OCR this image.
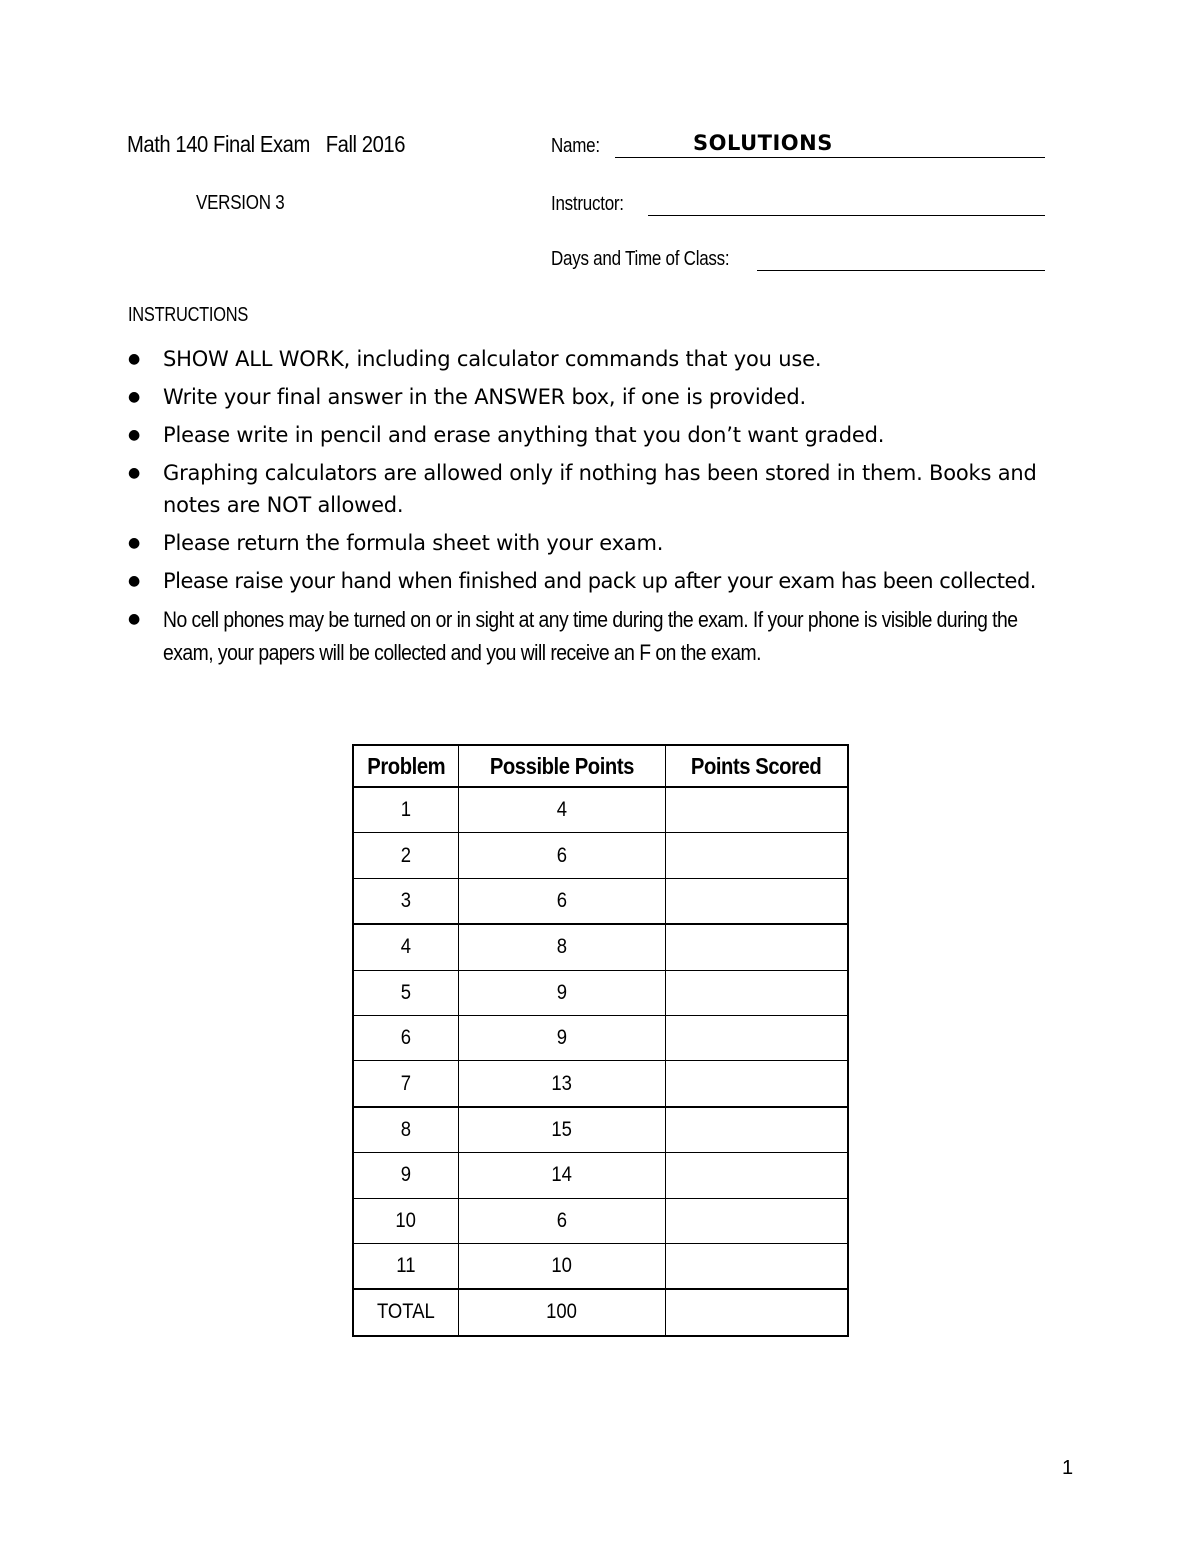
Math 140 Final Exam Fall 2016
VERSION 3
Name:	SOLUTIONS
Instructor:
Days and Time of Class:
INSTRUCTIONS
● SHOW ALL WORK, including calculator commands that you use.
● Write your final answer in the ANSWER box, if one is provided.
● Please write in pencil and erase anything that you don’t want graded.
● Graphing calculators are allowed only if nothing has been stored in them. Books and notes are NOT allowed.
● Please return the formula sheet with your exam.
● Please raise your hand when finished and pack up after your exam has been collected.
● No cell phones may be turned on or in sight at any time during the exam. If your phone is visible during the exam, your papers will be collected and you will receive an F on the exam.
Problem	Possible Points	Points Scored
1	4	
2	6	
3	6	
4	8	
5	9	
6	9	
7	13	
8	15	
9	14	
10	6	
11	10	
TOTAL	100	
1
